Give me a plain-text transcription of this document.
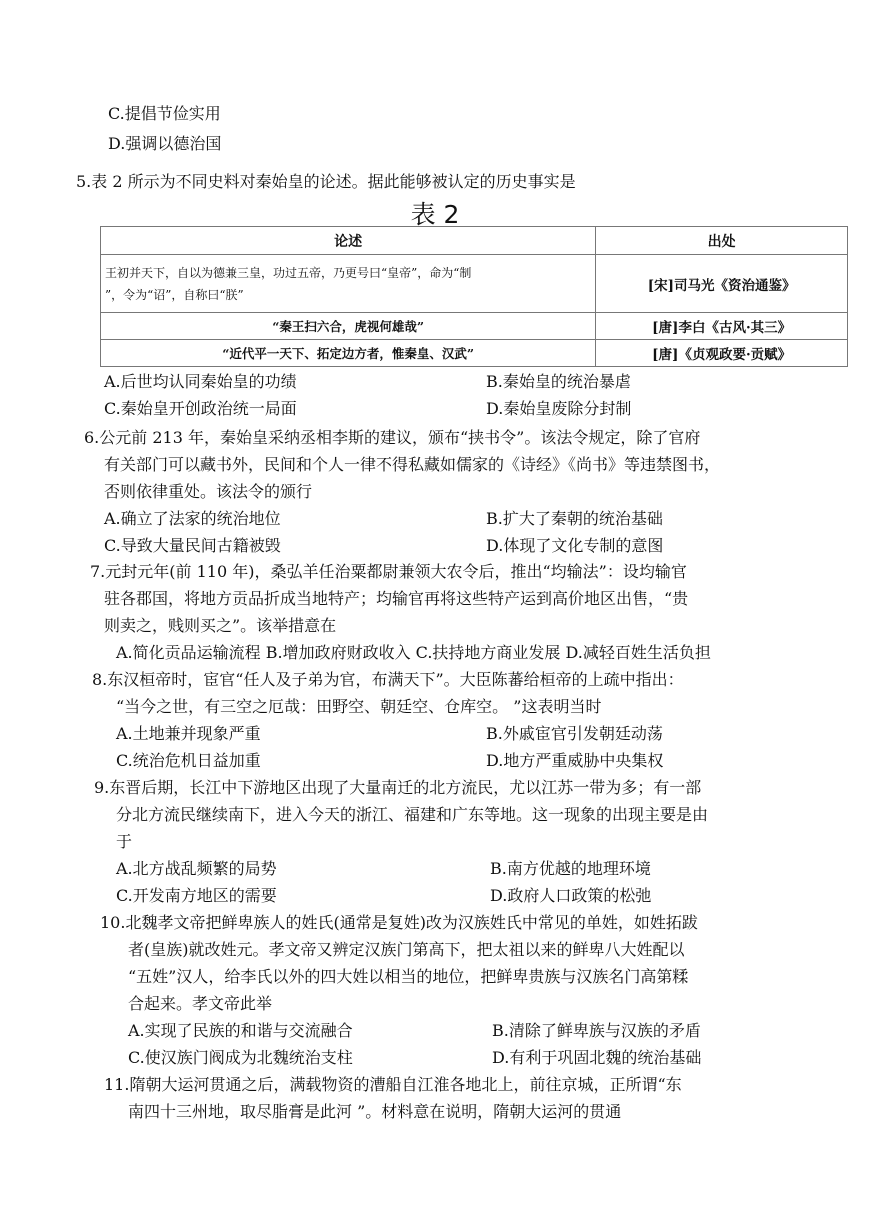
C.提倡节俭实用
D.强调以德治国
5.表 2 所示为不同史料对秦始皇的论述。据此能够被认定的历史事实是
表 2
论述	出处

王初并天下，自以为德兼三皇，功过五帝，乃更号曰“皇帝”，命为“制
”，令为“诏”，自称曰“朕”	[宋]司马光《资治通鉴》
“秦王扫六合，虎视何雄哉”	[唐]李白《古风·其三》
“近代平一天下、拓定边方者，惟秦皇、汉武”	[唐]《贞观政要·贡赋》
A.后世均认同秦始皇的功绩	B.秦始皇的统治暴虐
C.秦始皇开创政治统一局面	D.秦始皇废除分封制
6.公元前 213 年，秦始皇采纳丞相李斯的建议，颁布“挟书令”。该法令规定，除了官府
有关部门可以藏书外，民间和个人一律不得私藏如儒家的《诗经》《尚书》等违禁图书，
否则依律重处。该法令的颁行
A.确立了法家的统治地位	B.扩大了秦朝的统治基础
C.导致大量民间古籍被毁	D.体现了文化专制的意图
7.元封元年(前 110 年)，桑弘羊任治粟都尉兼领大农令后，推出“均输法”：设均输官
驻各郡国，将地方贡品折成当地特产；均输官再将这些特产运到高价地区出售，“贵
则卖之，贱则买之”。该举措意在
A.简化贡品运输流程 B.增加政府财政收入 C.扶持地方商业发展 D.减轻百姓生活负担
8.东汉桓帝时，宦官“任人及子弟为官，布满天下”。大臣陈蕃给桓帝的上疏中指出：
“当今之世，有三空之厄哉：田野空、朝廷空、仓库空。 ”这表明当时
A.土地兼并现象严重	B.外戚宦官引发朝廷动荡
C.统治危机日益加重	D.地方严重威胁中央集权
9.东晋后期，长江中下游地区出现了大量南迁的北方流民，尤以江苏一带为多；有一部
分北方流民继续南下，进入今天的浙江、福建和广东等地。这一现象的出现主要是由
于
A.北方战乱频繁的局势	B.南方优越的地理环境
C.开发南方地区的需要	D.政府人口政策的松弛
10.北魏孝文帝把鲜卑族人的姓氏(通常是复姓)改为汉族姓氏中常见的单姓，如姓拓跋
者(皇族)就改姓元。孝文帝又辨定汉族门第高下，把太祖以来的鲜卑八大姓配以
“五姓”汉人，给李氏以外的四大姓以相当的地位，把鲜卑贵族与汉族名门高第糅
合起来。孝文帝此举
A.实现了民族的和谐与交流融合	B.清除了鲜卑族与汉族的矛盾
C.使汉族门阀成为北魏统治支柱	D.有利于巩固北魏的统治基础
11.隋朝大运河贯通之后，满载物资的漕船自江淮各地北上，前往京城，正所谓“东
南四十三州地，取尽脂膏是此河 ”。材料意在说明，隋朝大运河的贯通
